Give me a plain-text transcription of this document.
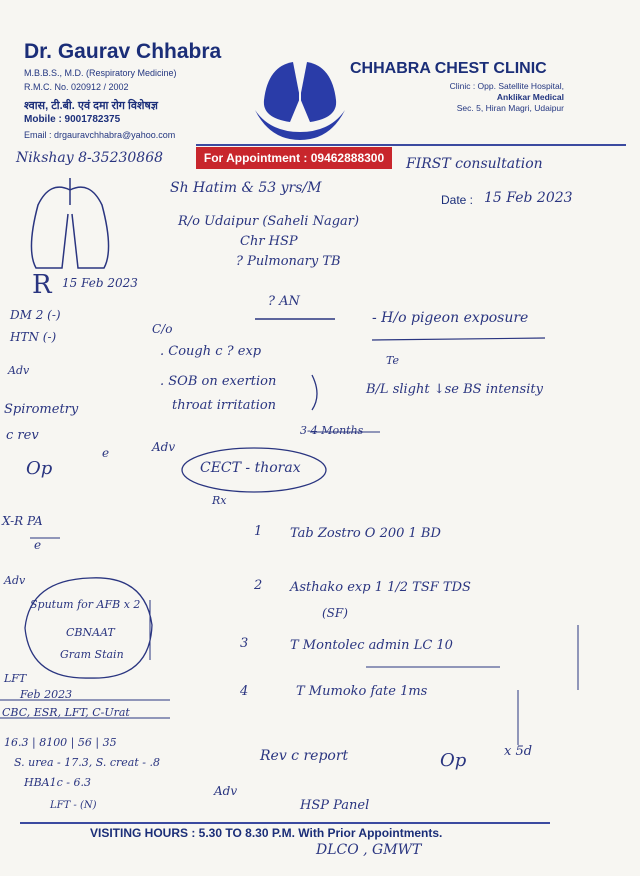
Dr. Gaurav Chhabra
M.B.B.S., M.D. (Respiratory Medicine)
R.M.C. No. 020912 / 2002
श्वास, टी.बी. एवं दमा रोग विशेषज्ञ
Mobile : 9001782375
Email : drgauravchhabra@yahoo.com
CHHABRA CHEST CLINIC
Clinic : Opp. Satellite Hospital,
Anklikar Medical
Sec. 5, Hiran Magri, Udaipur
For Appointment : 09462888300
Nikshay 8-35230868	FIRST consultation
Sh Hatim & 53 yrs/M
Date : 15 Feb 2023
R/o Udaipur (Saheli Nagar)
Chr HSP
? Pulmonary TB
R 15 Feb 2023
? AN
- H/o pigeon exposure
DM 2 (-)
HTN (-)
C/o
. Cough c ? exp
. SOB on exertion
throat irritation
3-4 Months
Te
B/L slight ↓se BS intensity
Adv
Spirometry
c rev
Op
e	Adv
CECT - thorax
Rx
X-R PA
e
Adv
Sputum for AFB x 2
CBNAAT
Gram Stain
LFT
Feb 2023
CBC, ESR, LFT, C-Urat
16.3 | 8100 | 56 | 35
S. urea - 17.3, S. creat - .8
HBA1c - 6.3
LFT - (N)
1 Tab Zostro O 200 1 BD
2 Asthako exp 1 1/2 TSF TDS
(SF)
3	T Montolec admin LC 10
4	T Mumoko fate 1ms
Rev c report	Op	x 5d
Adv
HSP Panel
VISITING HOURS : 5.30 TO 8.30 P.M. With Prior Appointments.
DLCO , GMWT
